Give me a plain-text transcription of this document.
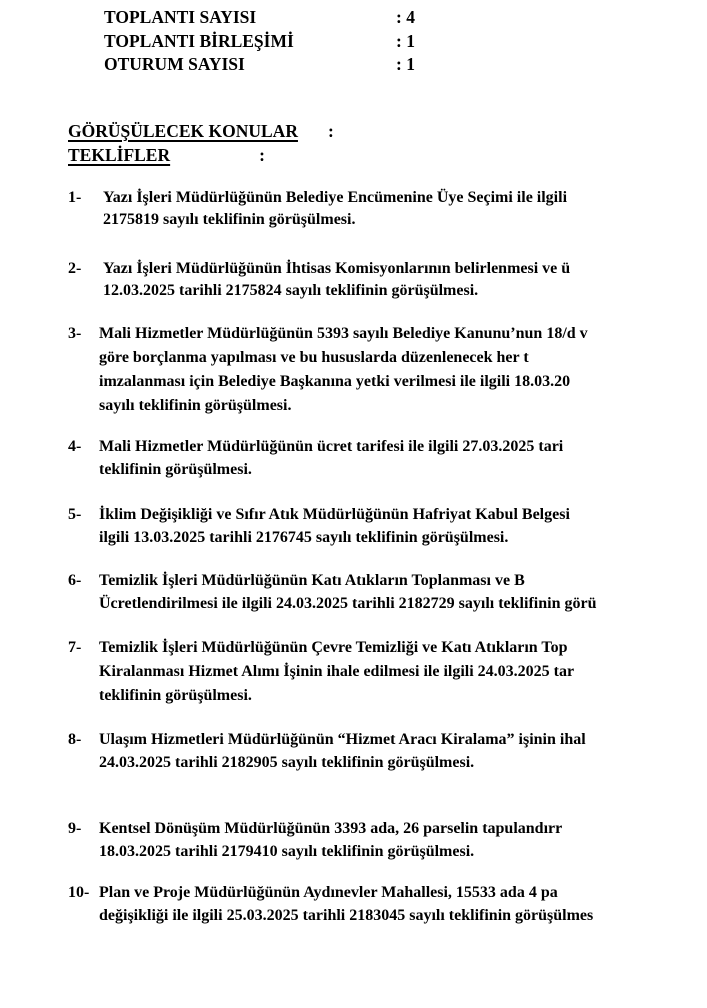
TOPLANTI SAYISI	: 4
TOPLANTI BİRLEŞİMİ	: 1
OTURUM SAYISI	: 1
GÖRÜŞÜLECEK KONULAR :
TEKLİFLER	:
1- Yazı İşleri Müdürlüğünün Belediye Encümenine Üye Seçimi ile ilgili
2175819 sayılı teklifinin görüşülmesi.
2- Yazı İşleri Müdürlüğünün İhtisas Komisyonlarının belirlenmesi ve ü
12.03.2025 tarihli 2175824 sayılı teklifinin görüşülmesi.
3- Mali Hizmetler Müdürlüğünün 5393 sayılı Belediye Kanunu’nun 18/d v
göre borçlanma yapılması ve bu hususlarda düzenlenecek her t
imzalanması için Belediye Başkanına yetki verilmesi ile ilgili 18.03.20
sayılı teklifinin görüşülmesi.
4- Mali Hizmetler Müdürlüğünün ücret tarifesi ile ilgili 27.03.2025 tari
teklifinin görüşülmesi.
5- İklim Değişikliği ve Sıfır Atık Müdürlüğünün Hafriyat Kabul Belgesi
ilgili 13.03.2025 tarihli 2176745 sayılı teklifinin görüşülmesi.
6- Temizlik İşleri Müdürlüğünün Katı Atıkların Toplanması ve B
Ücretlendirilmesi ile ilgili 24.03.2025 tarihli 2182729 sayılı teklifinin görü
7- Temizlik İşleri Müdürlüğünün Çevre Temizliği ve Katı Atıkların Top
Kiralanması Hizmet Alımı İşinin ihale edilmesi ile ilgili 24.03.2025 tar
teklifinin görüşülmesi.
8- Ulaşım Hizmetleri Müdürlüğünün “Hizmet Aracı Kiralama” işinin ihal
24.03.2025 tarihli 2182905 sayılı teklifinin görüşülmesi.
9- Kentsel Dönüşüm Müdürlüğünün 3393 ada, 26 parselin tapulandırr
18.03.2025 tarihli 2179410 sayılı teklifinin görüşülmesi.
10- Plan ve Proje Müdürlüğünün Aydınevler Mahallesi, 15533 ada 4 pa
değişikliği ile ilgili 25.03.2025 tarihli 2183045 sayılı teklifinin görüşülmes
